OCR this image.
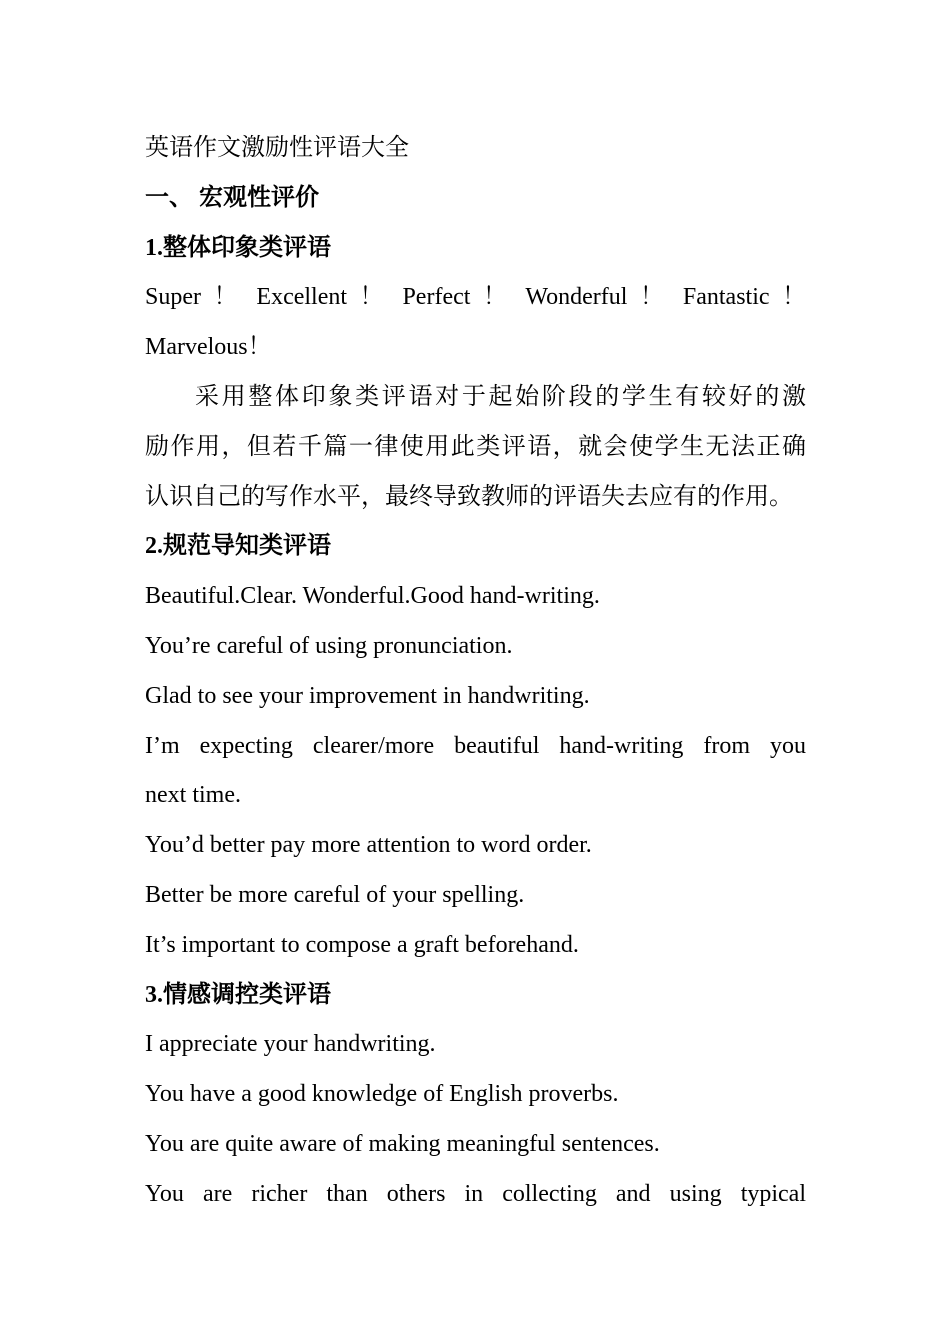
英语作文激励性评语大全
一、 宏观性评价
1.整体印象类评语
Super ！ Excellent ！ Perfect ！ Wonderful ！ Fantastic ！
Marvelous！
采用整体印象类评语对于起始阶段的学生有较好的激
励作用，但若千篇一律使用此类评语，就会使学生无法正确
认识自己的写作水平，最终导致教师的评语失去应有的作用。
2.规范导知类评语
Beautiful.Clear. Wonderful.Good hand-writing.
You’re careful of using pronunciation.
Glad to see your improvement in handwriting.
I’m expecting clearer/more beautiful hand-writing from you
next time.
You’d better pay more attention to word order.
Better be more careful of your spelling.
It’s important to compose a graft beforehand.
3.情感调控类评语
I appreciate your handwriting.
You have a good knowledge of English proverbs.
You are quite aware of making meaningful sentences.
You are richer than others in collecting and using typical
